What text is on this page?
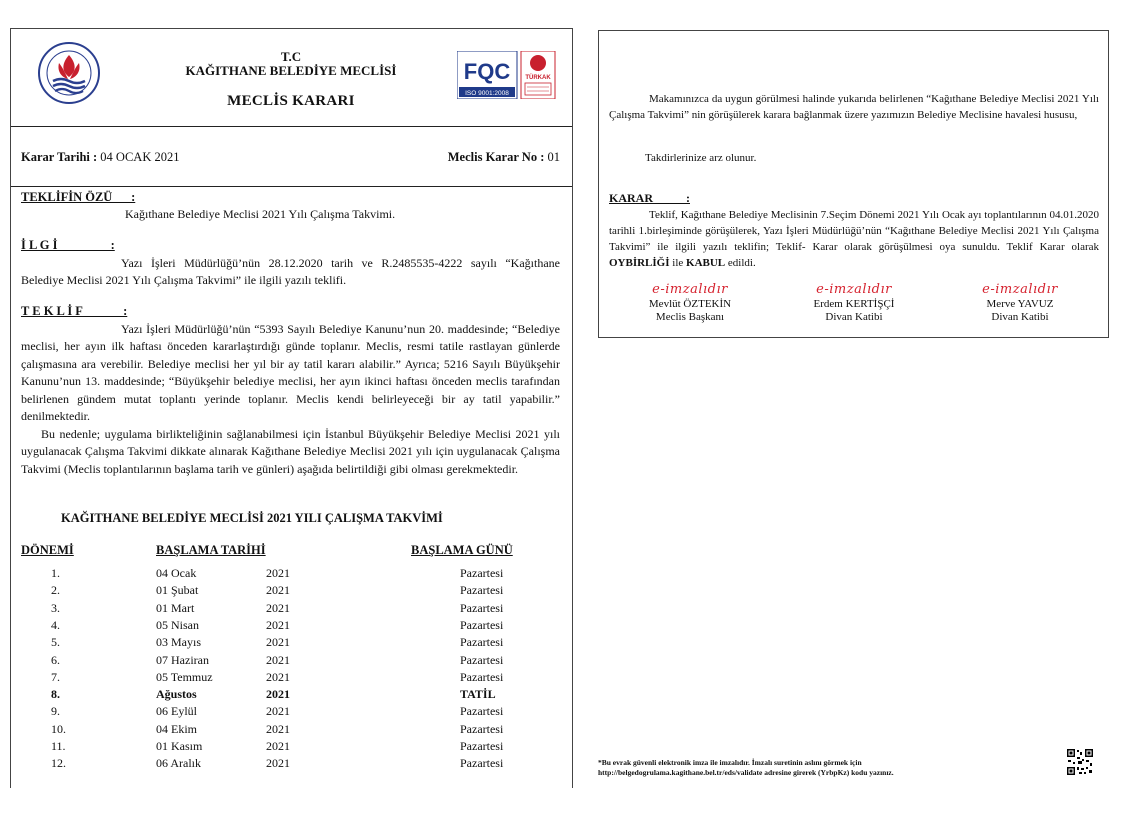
T.C
KAĞITHANE BELEDİYE MECLİSİ
MECLİS KARARI
FQC
ISO 9001:2008
TÜRKAK
Karar Tarihi : 04 OCAK 2021	Meclis Karar No : 01
TEKLİFİN ÖZÜ      :
Kağıthane Belediye Meclisi 2021 Yılı Çalışma Takvimi.
İ L G İ                 :
Yazı İşleri Müdürlüğü’nün 28.12.2020 tarih ve R.2485535-4222 sayılı “Kağıthane Belediye Meclisi 2021 Yılı Çalışma Takvimi” ile ilgili yazılı teklifi.
T E K L İ F             :
Yazı İşleri Müdürlüğü’nün “5393 Sayılı Belediye Kanunu’nun 20. maddesinde; “Belediye meclisi, her ayın ilk haftası önceden kararlaştırdığı günde toplanır. Meclis, resmi tatile rastlayan günlerde çalışmasına ara verebilir. Belediye meclisi her yıl bir ay tatil kararı alabilir.” Ayrıca; 5216 Sayılı Büyükşehir Kanunu’nun 13. maddesinde; “Büyükşehir belediye meclisi, her ayın ikinci haftası önceden meclis tarafından belirlenen gündem mutat toplantı yerinde toplanır. Meclis kendi belirleyeceği bir ay tatil yapabilir.” denilmektedir.
Bu nedenle; uygulama birlikteliğinin sağlanabilmesi için İstanbul Büyükşehir Belediye Meclisi 2021 yılı uygulanacak Çalışma Takvimi dikkate alınarak Kağıthane Belediye Meclisi 2021 yılı için uygulanacak Çalışma Takvimi (Meclis toplantılarının başlama tarih ve günleri) aşağıda belirtildiği gibi olması gerekmektedir.
KAĞITHANE BELEDİYE MECLİSİ 2021 YILI ÇALIŞMA TAKVİMİ
DÖNEMİ	BAŞLAMA TARİHİ	BAŞLAMA GÜNÜ
1.	04 Ocak	2021	Pazartesi
2.	01 Şubat	2021	Pazartesi
3.	01 Mart	2021	Pazartesi
4.	05 Nisan	2021	Pazartesi
5.	03 Mayıs	2021	Pazartesi
6.	07 Haziran	2021	Pazartesi
7.	05 Temmuz	2021	Pazartesi
8.	Ağustos	2021	TATİL
9.	06 Eylül	2021	Pazartesi
10.	04 Ekim	2021	Pazartesi
11.	01 Kasım	2021	Pazartesi
12.	06 Aralık	2021	Pazartesi
Makamınızca da uygun görülmesi halinde yukarıda belirlenen “Kağıthane Belediye Meclisi 2021 Yılı Çalışma Takvimi” nin görüşülerek karara bağlanmak üzere yazımızın Belediye Meclisine havalesi hususu,
Takdirlerinize arz olunur.
KARAR           :
Teklif, Kağıthane Belediye Meclisinin 7.Seçim Dönemi 2021 Yılı Ocak ayı toplantılarının 04.01.2020 tarihli 1.birleşiminde görüşülerek, Yazı İşleri Müdürlüğü’nün “Kağıthane Belediye Meclisi 2021 Yılı Çalışma Takvimi” ile ilgili yazılı teklifin; Teklif- Karar olarak görüşülmesi oya sunuldu. Teklif Karar olarak OYBİRLİĞİ ile KABUL edildi.
e-imzalıdır
Mevlüt ÖZTEKİN
Meclis Başkanı
e-imzalıdır
Erdem KERTİŞÇİ
Divan Katibi
e-imzalıdır
Merve YAVUZ
Divan Katibi
*Bu evrak güvenli elektronik imza ile imzalıdır. İmzalı suretinin aslını görmek için
http://belgedogrulama.kagithane.bel.tr/eds/validate adresine girerek (YrbpKz) kodu yazınız.
